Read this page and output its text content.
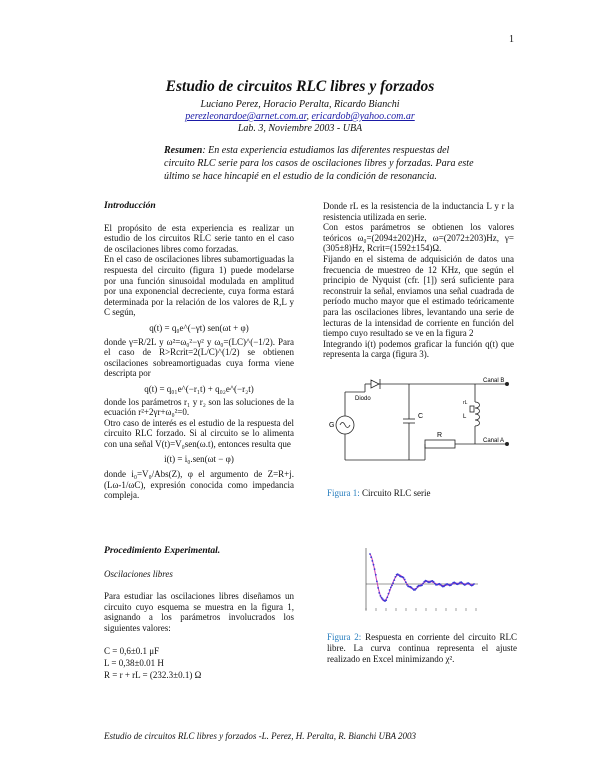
1
Estudio de circuitos RLC libres y forzados
Luciano Perez, Horacio Peralta, Ricardo Bianchi
perezleonardoe@arnet.com.ar, ericardob@yahoo.com.ar
Lab. 3, Noviembre 2003 - UBA
Resumen: En esta experiencia estudiamos las diferentes respuestas del circuito RLC serie para los casos de oscilaciones libres y forzadas. Para este último se hace hincapié en el estudio de la condición de resonancia.
Introducción

El propósito de esta experiencia es realizar un estudio de los circuitos RLC serie tanto en el caso de oscilaciones libres como forzadas.

En el caso de oscilaciones libres subamortiguadas la respuesta del circuito (figura 1) puede modelarse por una función sinusoidal modulada en amplitud por una exponencial decreciente, cuya forma estará determinada por la relación de los valores de R,L y C según,

q(t) = q₀e^(−γt) sen(ωt + φ)

donde γ=R/2L y ω²=ω₀²−γ² y ω₀=(LC)^(−1/2). Para el caso de R>Rcrit=2(L/C)^(1/2) se obtienen oscilaciones sobreamortiguadas cuya forma viene descripta por

q(t) = q₀₁e^(−r₁t) + q₀₂e^(−r₂t)

donde los parámetros r₁ y r₂ son las soluciones de la ecuación r²+2γr+ω₀²=0.

Otro caso de interés es el estudio de la respuesta del circuito RLC forzado. Si al circuito se lo alimenta con una señal V(t)=V₀sen(ω.t), entonces resulta que

i(t) = i₀.sen(ωt − φ)

donde i₀=V₀/Abs(Z), φ el argumento de Z=R+j.(Lω-1/ωC), expresión conocida como impedancia compleja.

Procedimiento Experimental.
Oscilaciones libres

Para estudiar las oscilaciones libres diseñamos un circuito cuyo esquema se muestra en la figura 1, asignando a los parámetros involucrados los siguientes valores:

C = 0,6±0.1 μF
L = 0,38±0.01 H
R = r + rL = (232.3±0.1) Ω

Donde rL es la resistencia de la inductancia L y r la resistencia utilizada en serie.

Con estos parámetros se obtienen los valores teóricos ω₀=(2094±202)Hz, ω=(2072±203)Hz, γ=(305±8)Hz, Rcrit=(1592±154)Ω.

Fijando en el sistema de adquisición de datos una frecuencia de muestreo de 12 KHz, que según el principio de Nyquist (cfr. [1]) será suficiente para reconstruir la señal, enviamos una señal cuadrada de período mucho mayor que el estimado teóricamente para las oscilaciones libres, levantando una serie de lecturas de la intensidad de corriente en función del tiempo cuyo resultado se ve en la figura 2

Integrando i(t) podemos graficar la función q(t) que representa la carga (figura 3).

Diodo
G
C
R
L
rL
Canal B
Canal A
Figura 1: Circuito RLC serie
Figura 2: Respuesta en corriente del circuito RLC libre. La curva continua representa el ajuste realizado en Excel minimizando χ².
Estudio de circuitos RLC libres y forzados -L. Perez, H. Peralta, R. Bianchi UBA 2003
